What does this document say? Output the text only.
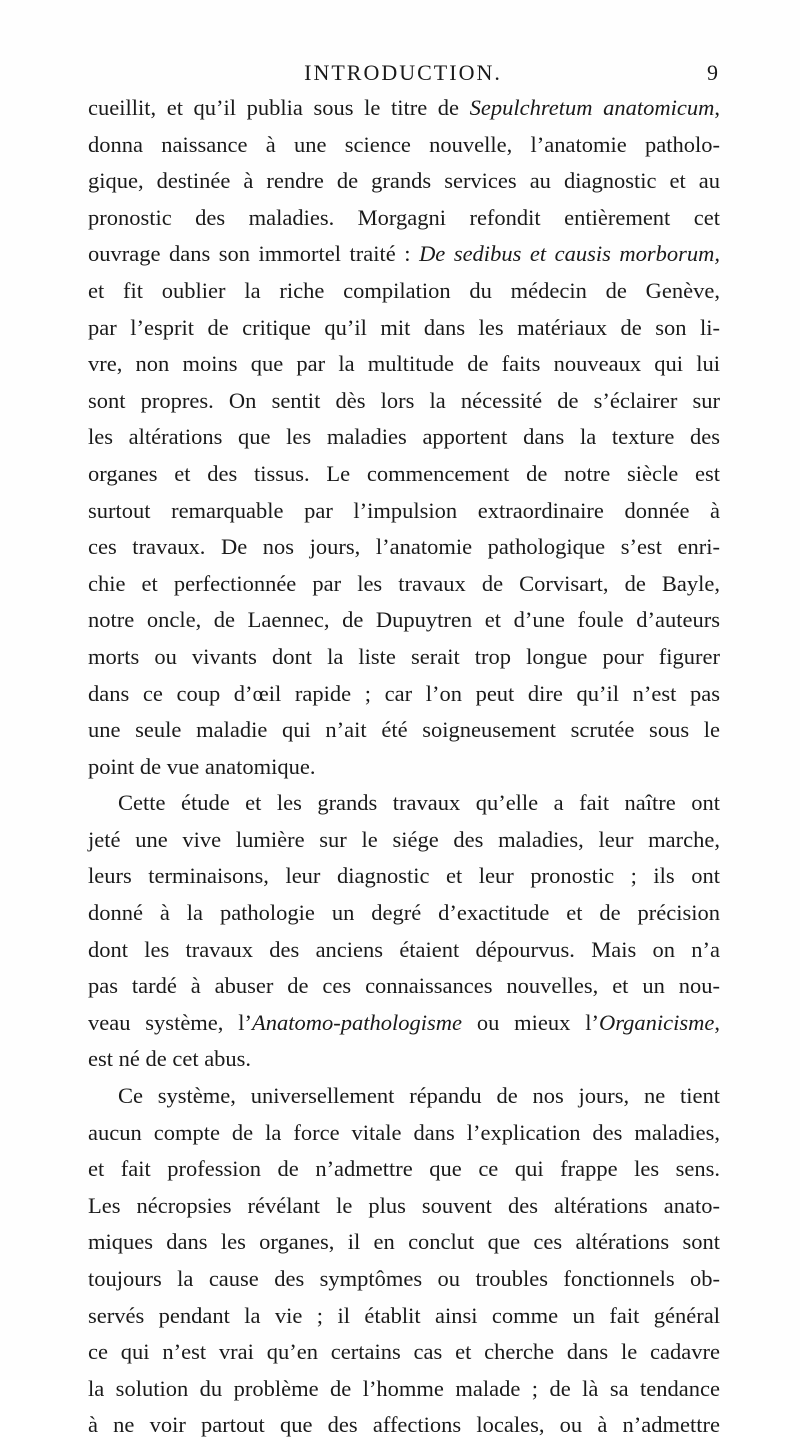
INTRODUCTION.	9
cueillit, et qu’il publia sous le titre de Sepulchretum anatomicum,
donna naissance à une science nouvelle, l’anatomie patholo-
gique, destinée à rendre de grands services au diagnostic et au
pronostic des maladies. Morgagni refondit entièrement cet
ouvrage dans son immortel traité : De sedibus et causis morborum,
et fit oublier la riche compilation du médecin de Genève,
par l’esprit de critique qu’il mit dans les matériaux de son li-
vre, non moins que par la multitude de faits nouveaux qui lui
sont propres. On sentit dès lors la nécessité de s’éclairer sur
les altérations que les maladies apportent dans la texture des
organes et des tissus. Le commencement de notre siècle est
surtout remarquable par l’impulsion extraordinaire donnée à
ces travaux. De nos jours, l’anatomie pathologique s’est enri-
chie et perfectionnée par les travaux de Corvisart, de Bayle,
notre oncle, de Laennec, de Dupuytren et d’une foule d’auteurs
morts ou vivants dont la liste serait trop longue pour figurer
dans ce coup d’œil rapide ; car l’on peut dire qu’il n’est pas
une seule maladie qui n’ait été soigneusement scrutée sous le
point de vue anatomique.
Cette étude et les grands travaux qu’elle a fait naître ont
jeté une vive lumière sur le siége des maladies, leur marche,
leurs terminaisons, leur diagnostic et leur pronostic ; ils ont
donné à la pathologie un degré d’exactitude et de précision
dont les travaux des anciens étaient dépourvus. Mais on n’a
pas tardé à abuser de ces connaissances nouvelles, et un nou-
veau système, l’Anatomo-pathologisme ou mieux l’Organicisme,
est né de cet abus.
Ce système, universellement répandu de nos jours, ne tient
aucun compte de la force vitale dans l’explication des maladies,
et fait profession de n’admettre que ce qui frappe les sens.
Les nécropsies révélant le plus souvent des altérations anato-
miques dans les organes, il en conclut que ces altérations sont
toujours la cause des symptômes ou troubles fonctionnels ob-
servés pendant la vie ; il établit ainsi comme un fait général
ce qui n’est vrai qu’en certains cas et cherche dans le cadavre
la solution du problème de l’homme malade ; de là sa tendance
à ne voir partout que des affections locales, ou à n’admettre
